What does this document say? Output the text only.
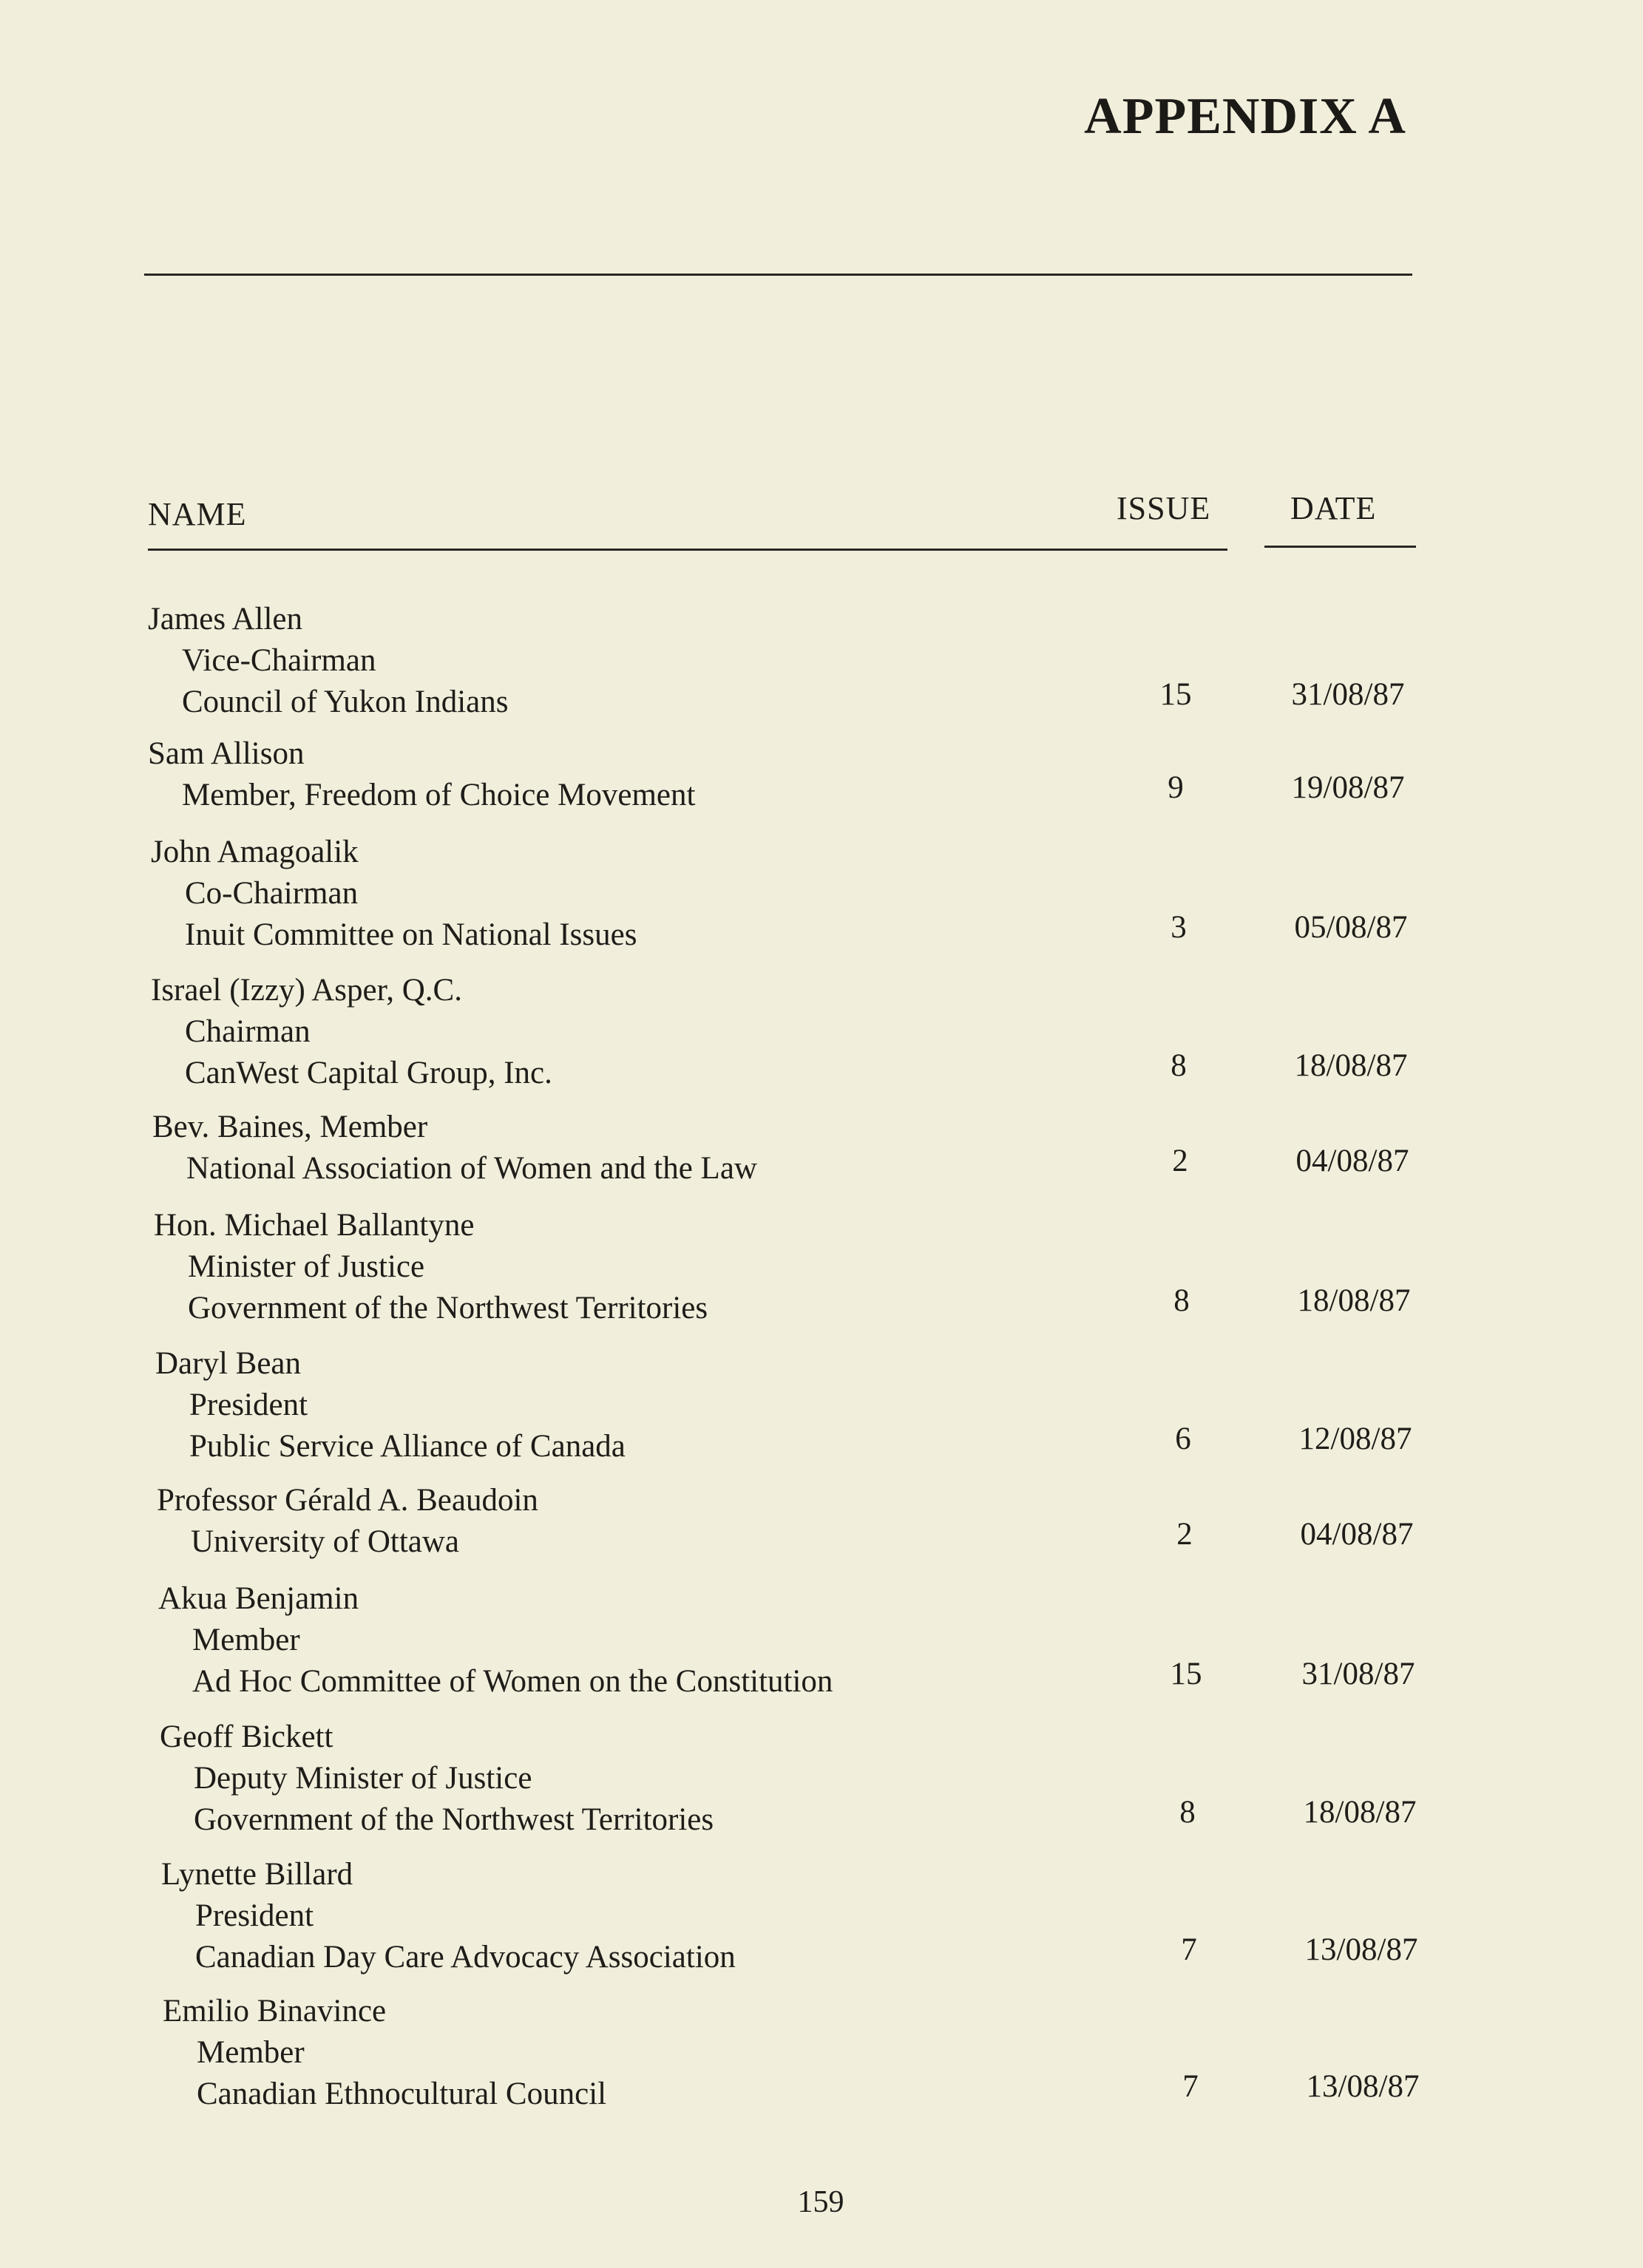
APPENDIX A
NAME	ISSUE DATE
James Allen
Vice-Chairman
Council of Yukon Indians	15	31/08/87
Sam Allison
Member, Freedom of Choice Movement	9	19/08/87
John Amagoalik
Co-Chairman
Inuit Committee on National Issues	3	05/08/87
Israel (Izzy) Asper, Q.C.
Chairman
CanWest Capital Group, Inc.	8	18/08/87
Bev. Baines, Member
National Association of Women and the Law	2	04/08/87
Hon. Michael Ballantyne
Minister of Justice
Government of the Northwest Territories	8	18/08/87
Daryl Bean
President
Public Service Alliance of Canada	6	12/08/87
Professor Gérald A. Beaudoin
University of Ottawa	2	04/08/87
Akua Benjamin
Member
Ad Hoc Committee of Women on the Constitution	15	31/08/87
Geoff Bickett
Deputy Minister of Justice
Government of the Northwest Territories	8	18/08/87
Lynette Billard
President
Canadian Day Care Advocacy Association	7	13/08/87
Emilio Binavince
Member
Canadian Ethnocultural Council	7	13/08/87
159
